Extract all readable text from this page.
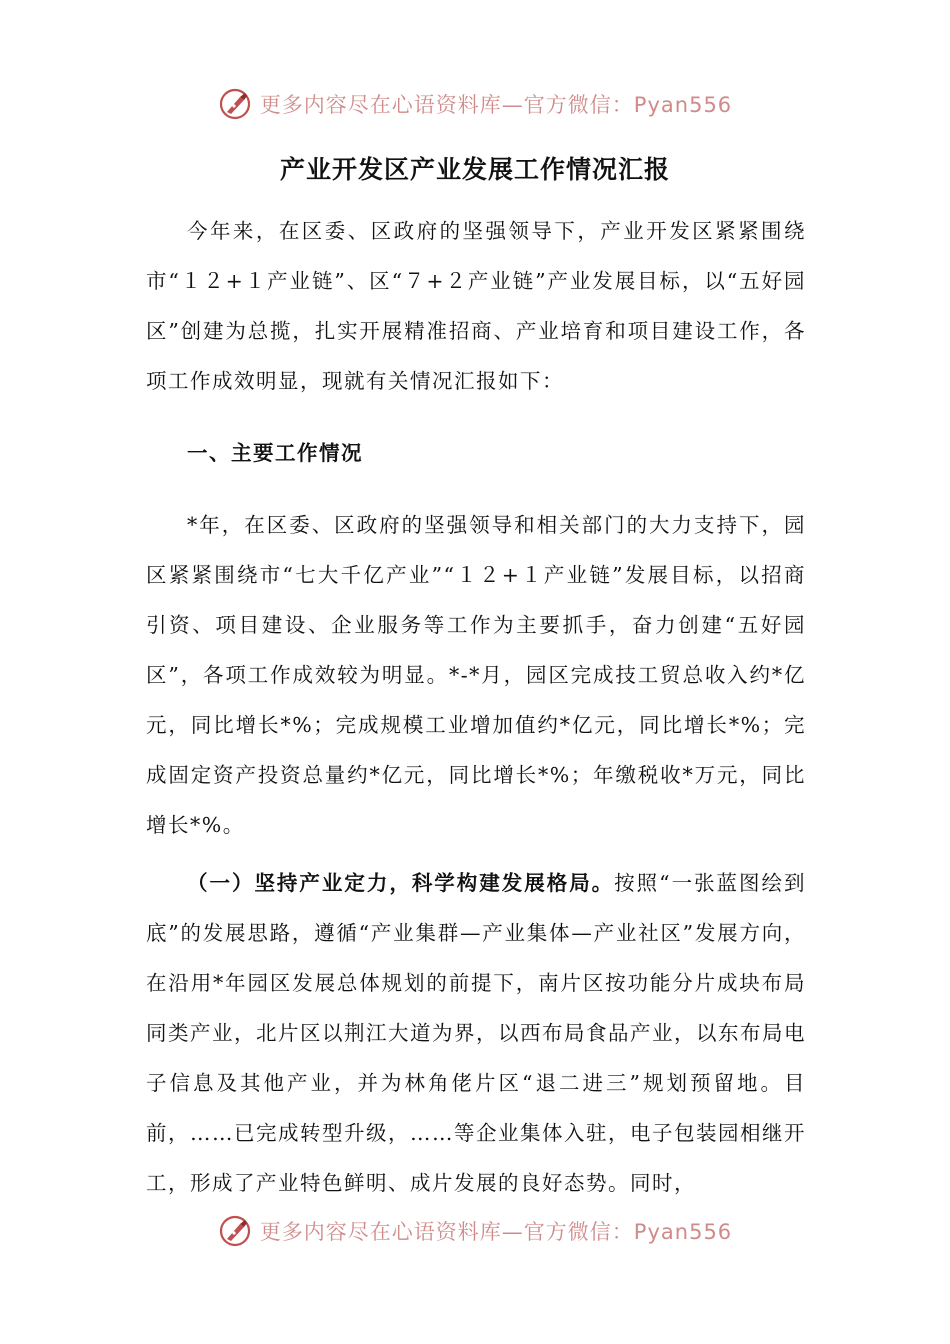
更多内容尽在心语资料库—官方微信：Pyan556
产业开发区产业发展工作情况汇报

今年来，在区委、区政府的坚强领导下，产业开发区紧紧围绕市“１２+１产业链”、区“７+２产业链”产业发展目标，以“五好园区”创建为总揽，扎实开展精准招商、产业培育和项目建设工作，各项工作成效明显，现就有关情况汇报如下：

一、主要工作情况

*年，在区委、区政府的坚强领导和相关部门的大力支持下，园区紧紧围绕市“七大千亿产业”“１２+１产业链”发展目标，以招商引资、项目建设、企业服务等工作为主要抓手，奋力创建“五好园区”，各项工作成效较为明显。*-*月，园区完成技工贸总收入约*亿元，同比增长*%；完成规模工业增加值约*亿元，同比增长*%；完成固定资产投资总量约*亿元，同比增长*%；年缴税收*万元，同比增长*%。

（一）坚持产业定力，科学构建发展格局。按照“一张蓝图绘到底”的发展思路，遵循“产业集群—产业集体—产业社区”发展方向，在沿用*年园区发展总体规划的前提下，南片区按功能分片成块布局同类产业，北片区以荆江大道为界，以西布局食品产业，以东布局电子信息及其他产业，并为林角佬片区“退二进三”规划预留地。目前，……已完成转型升级，……等企业集体入驻，电子包装园相继开工，形成了产业特色鲜明、成片发展的良好态势。同时，

更多内容尽在心语资料库—官方微信：Pyan556
